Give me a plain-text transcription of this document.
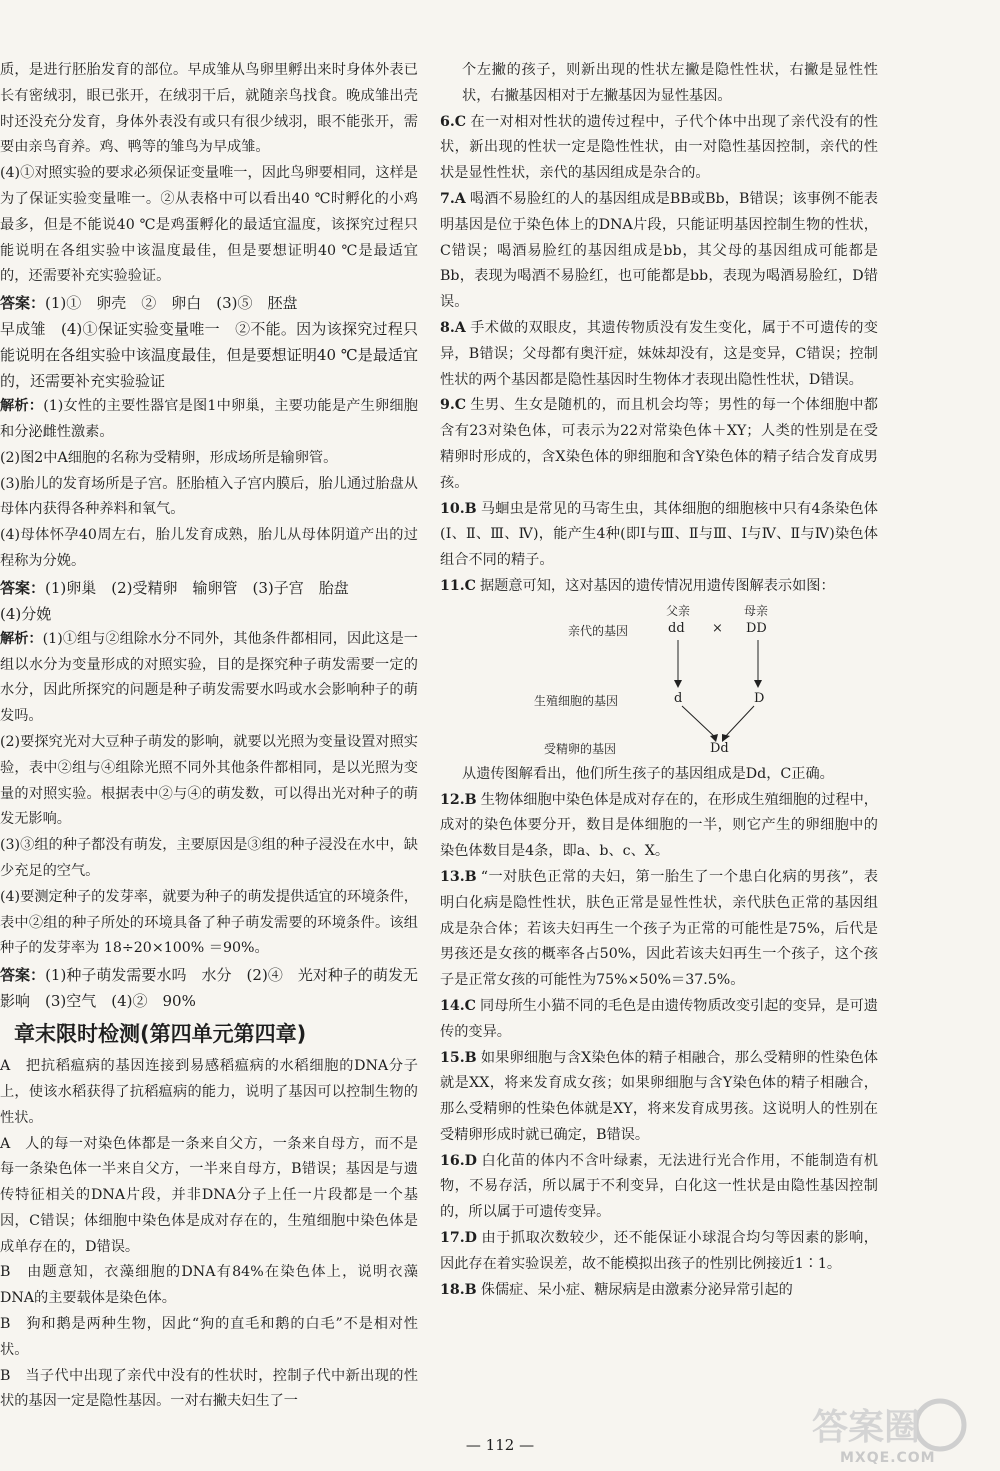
质，是进行胚胎发育的部位。早成雏从鸟卵里孵出来时身体外表已长有密绒羽，眼已张开，在绒羽干后，就随亲鸟找食。晚成雏出壳时还没充分发育，身体外表没有或只有很少绒羽，眼不能张开，需要由亲鸟育养。鸡、鸭等的雏鸟为早成雏。

(4)①对照实验的要求必须保证变量唯一，因此鸟卵要相同，这样是为了保证实验变量唯一。②从表格中可以看出40 ℃时孵化的小鸡最多，但是不能说40 ℃是鸡蛋孵化的最适宜温度，该探究过程只能说明在各组实验中该温度最佳，但是要想证明40 ℃是最适宜的，还需要补充实验验证。

答案：(1)①　卵壳　②　卵白　(3)⑤　胚盘

早成雏　(4)①保证实验变量唯一　②不能。因为该探究过程只能说明在各组实验中该温度最佳，但是要想证明40 ℃是最适宜的，还需要补充实验验证

解析：(1)女性的主要性器官是图1中卵巢，主要功能是产生卵细胞和分泌雌性激素。

(2)图2中A细胞的名称为受精卵，形成场所是输卵管。

(3)胎儿的发育场所是子宫。胚胎植入子宫内膜后，胎儿通过胎盘从母体内获得各种养料和氧气。

(4)母体怀孕40周左右，胎儿发育成熟，胎儿从母体阴道产出的过程称为分娩。

答案：(1)卵巢　(2)受精卵　输卵管　(3)子宫　胎盘

(4)分娩

解析：(1)①组与②组除水分不同外，其他条件都相同，因此这是一组以水分为变量形成的对照实验，目的是探究种子萌发需要一定的水分，因此所探究的问题是种子萌发需要水吗或水会影响种子的萌发吗。

(2)要探究光对大豆种子萌发的影响，就要以光照为变量设置对照实验，表中②组与④组除光照不同外其他条件都相同，是以光照为变量的对照实验。根据表中②与④的萌发数，可以得出光对种子的萌发无影响。

(3)③组的种子都没有萌发，主要原因是③组的种子浸没在水中，缺少充足的空气。

(4)要测定种子的发芽率，就要为种子的萌发提供适宜的环境条件，表中②组的种子所处的环境具备了种子萌发需要的环境条件。该组种子的发芽率为 18÷20×100% ＝90%。

答案：(1)种子萌发需要水吗　水分　(2)④　光对种子的萌发无影响　(3)空气　(4)②　90%

章末限时检测(第四单元第四章)

A　把抗稻瘟病的基因连接到易感稻瘟病的水稻细胞的DNA分子上，使该水稻获得了抗稻瘟病的能力，说明了基因可以控制生物的性状。

A　人的每一对染色体都是一条来自父方，一条来自母方，而不是每一条染色体一半来自父方，一半来自母方，B错误；基因是与遗传特征相关的DNA片段，并非DNA分子上任一片段都是一个基因，C错误；体细胞中染色体是成对存在的，生殖细胞中染色体是成单存在的，D错误。

B　由题意知，衣藻细胞的DNA有84%在染色体上，说明衣藻DNA的主要载体是染色体。

B　狗和鹅是两种生物，因此“狗的直毛和鹅的白毛”不是相对性状。

B　当子代中出现了亲代中没有的性状时，控制子代中新出现的性状的基因一定是隐性基因。一对右撇夫妇生了一

个左撇的孩子，则新出现的性状左撇是隐性性状，右撇是显性性状，右撇基因相对于左撇基因为显性基因。

6.C 在一对相对性状的遗传过程中，子代个体中出现了亲代没有的性状，新出现的性状一定是隐性性状，由一对隐性基因控制，亲代的性状是显性性状，亲代的基因组成是杂合的。

7.A 喝酒不易脸红的人的基因组成是BB或Bb，B错误；该事例不能表明基因是位于染色体上的DNA片段，只能证明基因控制生物的性状，C错误；喝酒易脸红的基因组成是bb，其父母的基因组成可能都是Bb，表现为喝酒不易脸红，也可能都是bb，表现为喝酒易脸红，D错误。

8.A 手术做的双眼皮，其遗传物质没有发生变化，属于不可遗传的变异，B错误；父母都有奥汗症，妹妹却没有，这是变异，C错误；控制性状的两个基因都是隐性基因时生物体才表现出隐性性状，D错误。

9.C 生男、生女是随机的，而且机会均等；男性的每一个体细胞中都含有23对染色体，可表示为22对常染色体＋XY；人类的性别是在受精卵时形成的，含X染色体的卵细胞和含Y染色体的精子结合发育成男孩。

10.B 马蛔虫是常见的马寄生虫，其体细胞的细胞核中只有4条染色体(Ⅰ、Ⅱ、Ⅲ、Ⅳ)，能产生4种(即Ⅰ与Ⅲ、Ⅱ与Ⅲ、Ⅰ与Ⅳ、Ⅱ与Ⅳ)染色体组合不同的精子。

11.C 据题意可知，这对基因的遗传情况用遗传图解表示如图：

父亲	母亲
亲代的基因	dd × DD
生殖细胞的基因	d	D
受精卵的基因	Dd

从遗传图解看出，他们所生孩子的基因组成是Dd，C正确。

12.B 生物体细胞中染色体是成对存在的，在形成生殖细胞的过程中，成对的染色体要分开，数目是体细胞的一半，则它产生的卵细胞中的染色体数目是4条，即a、b、c、X。

13.B “一对肤色正常的夫妇，第一胎生了一个患白化病的男孩”，表明白化病是隐性性状，肤色正常是显性性状，亲代肤色正常的基因组成是杂合体；若该夫妇再生一个孩子为正常的可能性是75%，后代是男孩还是女孩的概率各占50%，因此若该夫妇再生一个孩子，这个孩子是正常女孩的可能性为75%×50%＝37.5%。

14.C 同母所生小猫不同的毛色是由遗传物质改变引起的变异，是可遗传的变异。

15.B 如果卵细胞与含X染色体的精子相融合，那么受精卵的性染色体就是XX，将来发育成女孩；如果卵细胞与含Y染色体的精子相融合，那么受精卵的性染色体就是XY，将来发育成男孩。这说明人的性别在受精卵形成时就已确定，B错误。

16.D 白化苗的体内不含叶绿素，无法进行光合作用，不能制造有机物，不易存活，所以属于不利变异，白化这一性状是由隐性基因控制的，所以属于可遗传变异。

17.D 由于抓取次数较少，还不能保证小球混合均匀等因素的影响，因此存在着实验误差，故不能模拟出孩子的性别比例接近1∶1。

18.B 侏儒症、呆小症、糖尿病是由激素分泌异常引起的

— 112 —	答案圈
MXQE.COM
